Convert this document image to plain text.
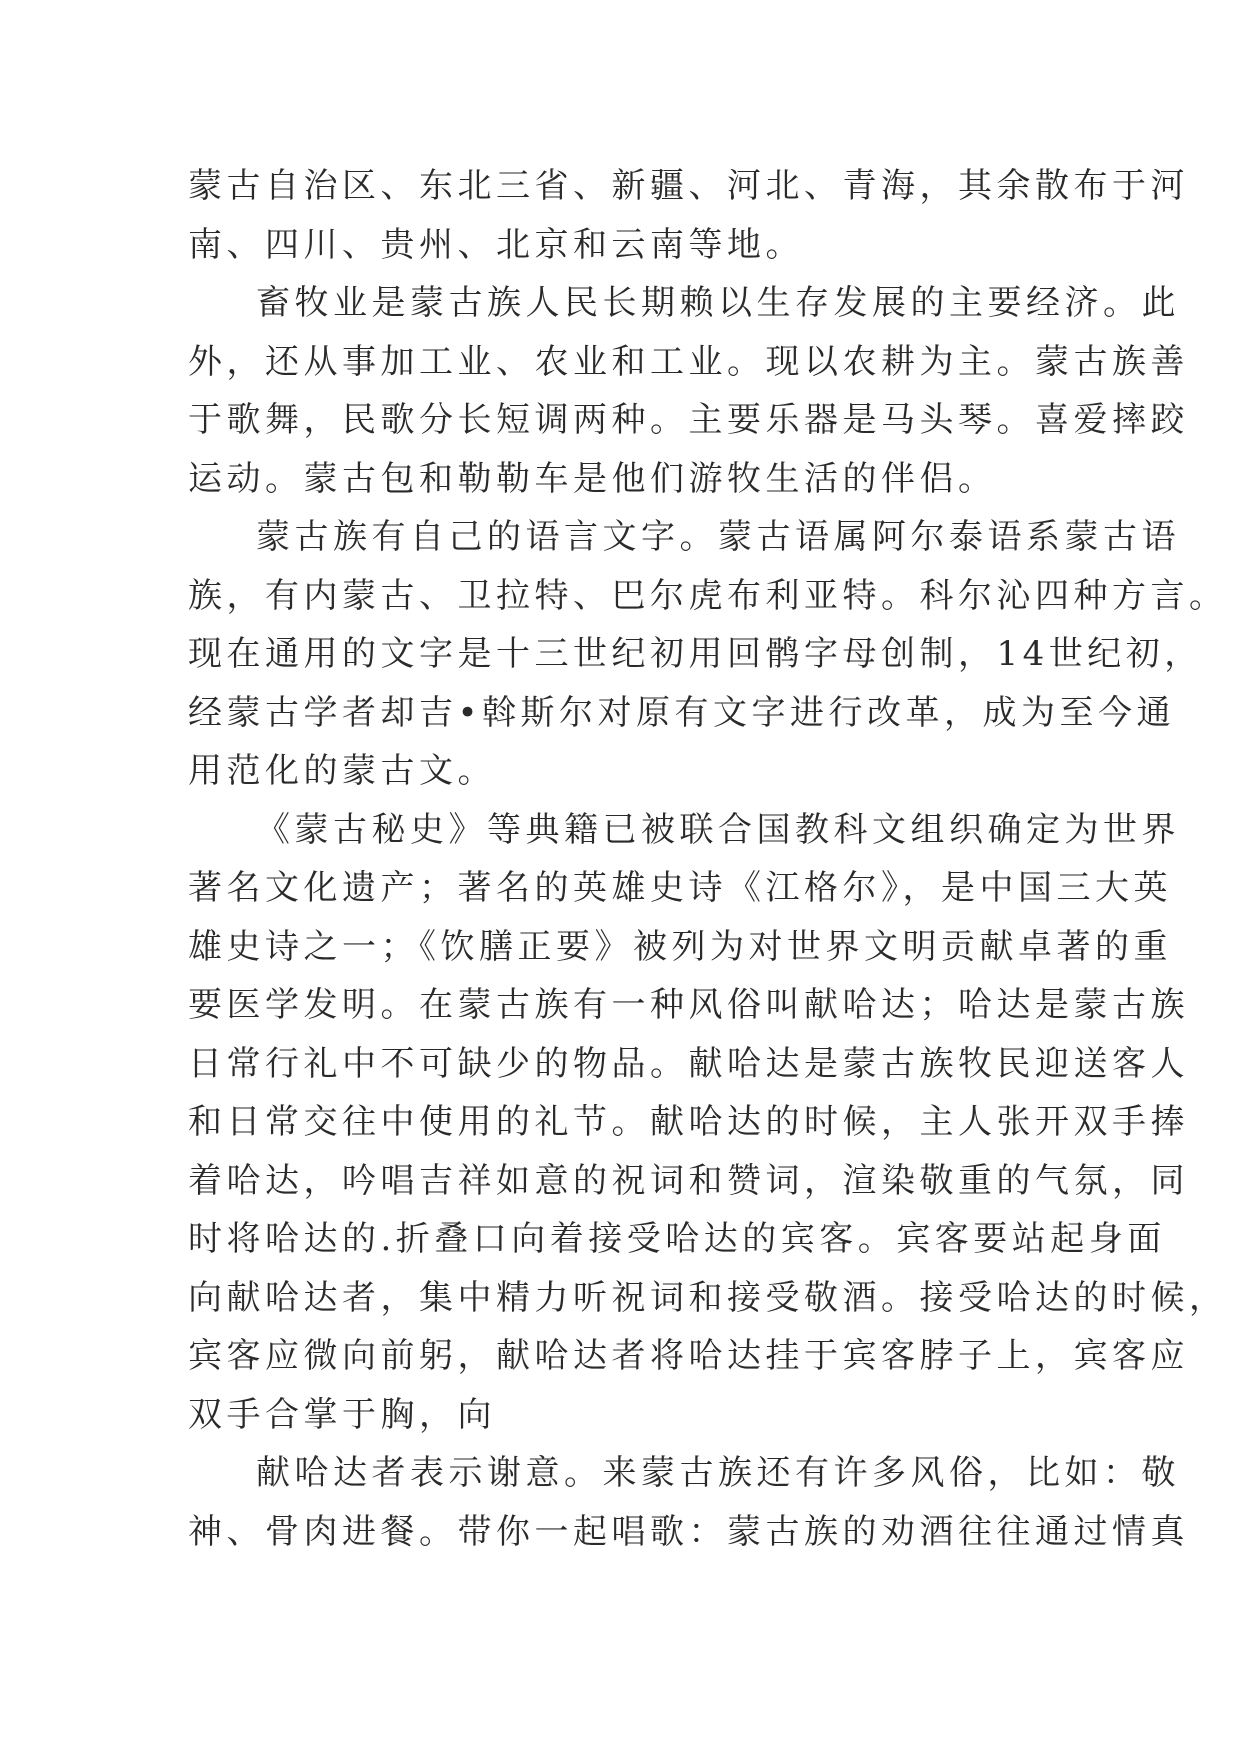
蒙古自治区、东北三省、新疆、河北、青海，其余散布于河
南、四川、贵州、北京和云南等地。
畜牧业是蒙古族人民长期赖以生存发展的主要经济。此
外，还从事加工业、农业和工业。现以农耕为主。蒙古族善
于歌舞，民歌分长短调两种。主要乐器是马头琴。喜爱摔跤
运动。蒙古包和勒勒车是他们游牧生活的伴侣。
蒙古族有自己的语言文字。蒙古语属阿尔泰语系蒙古语
族，有内蒙古、卫拉特、巴尔虎布利亚特。科尔沁四种方言。
现在通用的文字是十三世纪初用回鹘字母创制，14世纪初，
经蒙古学者却吉•斡斯尔对原有文字进行改革，成为至今通
用范化的蒙古文。
《蒙古秘史》等典籍已被联合国教科文组织确定为世界
著名文化遗产；著名的英雄史诗《江格尔》，是中国三大英
雄史诗之一；《饮膳正要》被列为对世界文明贡献卓著的重
要医学发明。在蒙古族有一种风俗叫献哈达；哈达是蒙古族
日常行礼中不可缺少的物品。献哈达是蒙古族牧民迎送客人
和日常交往中使用的礼节。献哈达的时候，主人张开双手捧
着哈达，吟唱吉祥如意的祝词和赞词，渲染敬重的气氛，同
时将哈达的.折叠口向着接受哈达的宾客。宾客要站起身面
向献哈达者，集中精力听祝词和接受敬酒。接受哈达的时候，
宾客应微向前躬，献哈达者将哈达挂于宾客脖子上，宾客应
双手合掌于胸，向
献哈达者表示谢意。来蒙古族还有许多风俗，比如：敬
神、骨肉进餐。带你一起唱歌：蒙古族的劝酒往往通过情真
